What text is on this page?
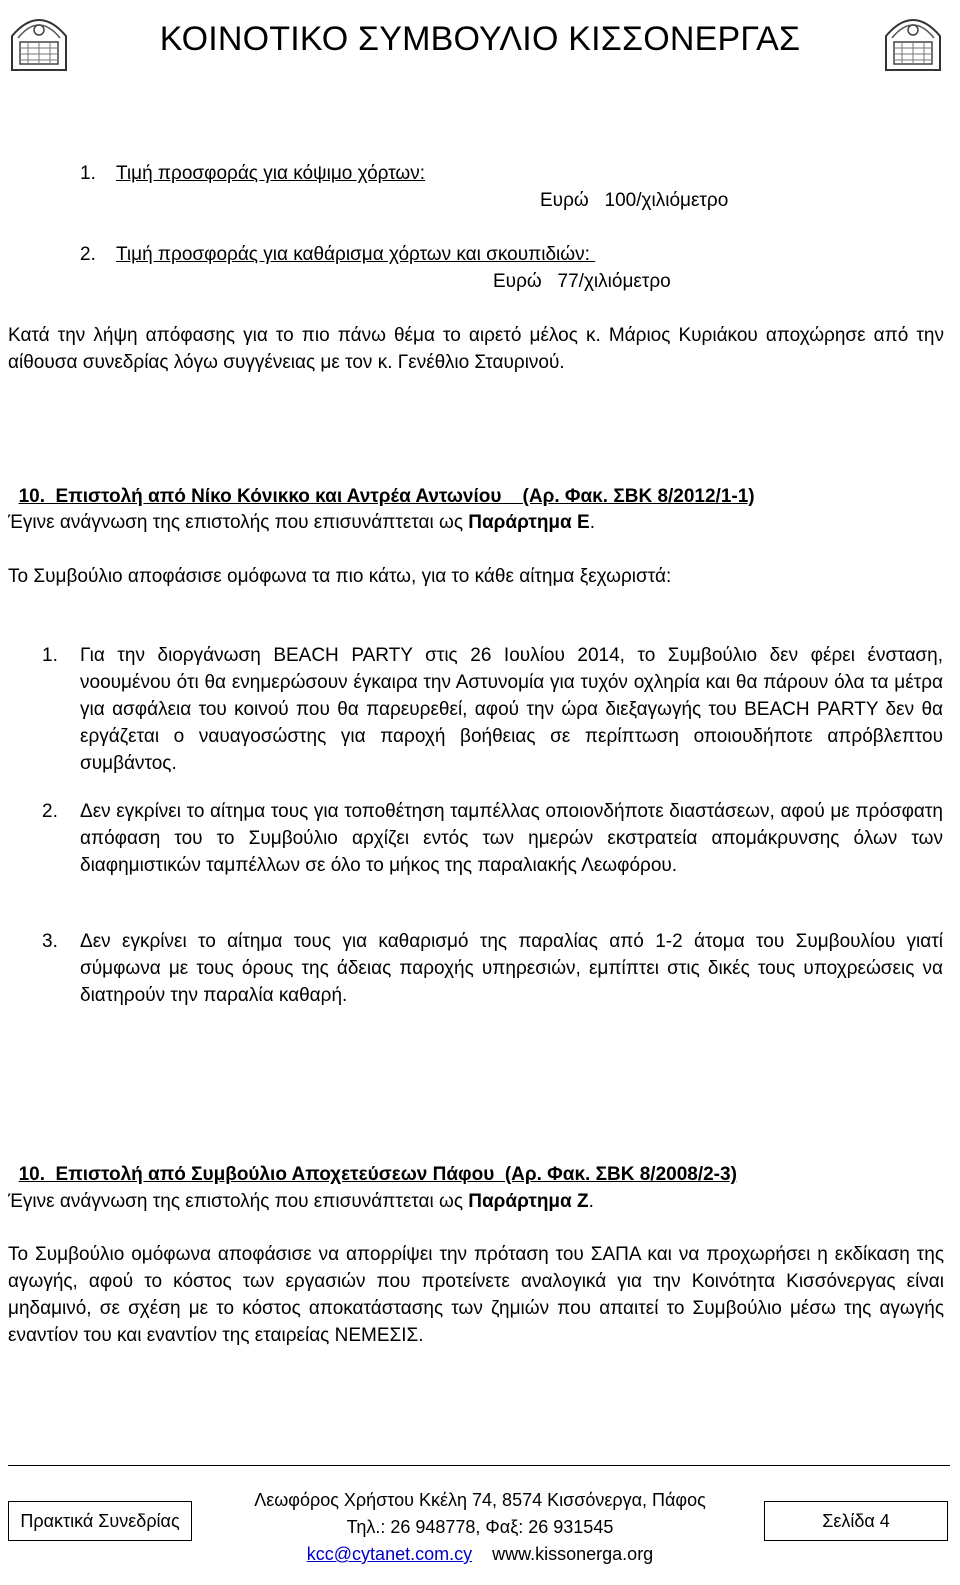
ΚΟΙΝΟΤΙΚΟ ΣΥΜΒΟΥΛΙΟ ΚΙΣΣΟΝΕΡΓΑΣ
1. Τιμή προσφοράς για κόψιμο χόρτων:
Ευρώ   100/χιλιόμετρο
2. Τιμή προσφοράς για καθάρισμα χόρτων και σκουπιδιών:
Ευρώ   77/χιλιόμετρο
Κατά την λήψη απόφασης για το πιο πάνω θέμα το αιρετό μέλος κ. Μάριος Κυριάκου αποχώρησε από την αίθουσα συνεδρίας λόγω συγγένειας με τον κ. Γενέθλιο Σταυρινού.

10.  Επιστολή από Νίκο Κόνικκο και Αντρέα Αντωνίου    (Αρ. Φακ. ΣΒΚ 8/2012/1-1)

Έγινε ανάγνωση της επιστολής που επισυνάπτεται ως Παράρτημα Ε.
Το Συμβούλιο αποφάσισε ομόφωνα τα πιο κάτω, για το κάθε αίτημα ξεχωριστά:
1. Για την διοργάνωση BEACH PARTY στις 26 Ιουλίου 2014, το Συμβούλιο δεν φέρει ένσταση, νοουμένου ότι θα ενημερώσουν έγκαιρα την Αστυνομία για τυχόν οχληρία και θα πάρουν όλα τα μέτρα για ασφάλεια του κοινού που θα παρευρεθεί, αφού την ώρα διεξαγωγής του BEACH PARTY δεν θα εργάζεται ο ναυαγοσώστης για παροχή βοήθειας σε περίπτωση οποιουδήποτε απρόβλεπτου συμβάντος.
2. Δεν εγκρίνει το αίτημα τους για τοποθέτηση ταμπέλλας οποιονδήποτε διαστάσεων, αφού με πρόσφατη απόφαση του το Συμβούλιο αρχίζει εντός των ημερών εκστρατεία απομάκρυνσης όλων των διαφημιστικών ταμπέλλων σε όλο το μήκος της παραλιακής Λεωφόρου.
3. Δεν εγκρίνει το αίτημα τους για καθαρισμό της παραλίας από 1-2 άτομα του Συμβουλίου γιατί σύμφωνα με τους όρους της άδειας παροχής υπηρεσιών, εμπίπτει στις δικές τους υποχρεώσεις να διατηρούν την παραλία καθαρή.

10.  Επιστολή από Συμβούλιο Αποχετεύσεων Πάφου  (Αρ. Φακ. ΣΒΚ 8/2008/2-3)

Έγινε ανάγνωση της επιστολής που επισυνάπτεται ως Παράρτημα Ζ.
Το Συμβούλιο ομόφωνα αποφάσισε να απορρίψει την πρόταση του ΣΑΠΑ και να προχωρήσει η εκδίκαση της αγωγής, αφού το κόστος των εργασιών που προτείνετε αναλογικά για την Κοινότητα Κισσόνεργας είναι μηδαμινό, σε σχέση με το κόστος αποκατάστασης των ζημιών που απαιτεί το Συμβούλιο μέσω της αγωγής εναντίον του και εναντίον της εταιρείας ΝΕΜΕΣΙΣ.
Πρακτικά Συνεδρίας
Λεωφόρος Χρήστου Κκέλη 74, 8574 Κισσόνεργα, Πάφος
Τηλ.: 26 948778, Φαξ: 26 931545
kcc@cytanet.com.cy www.kissonerga.org
Σελίδα 4
